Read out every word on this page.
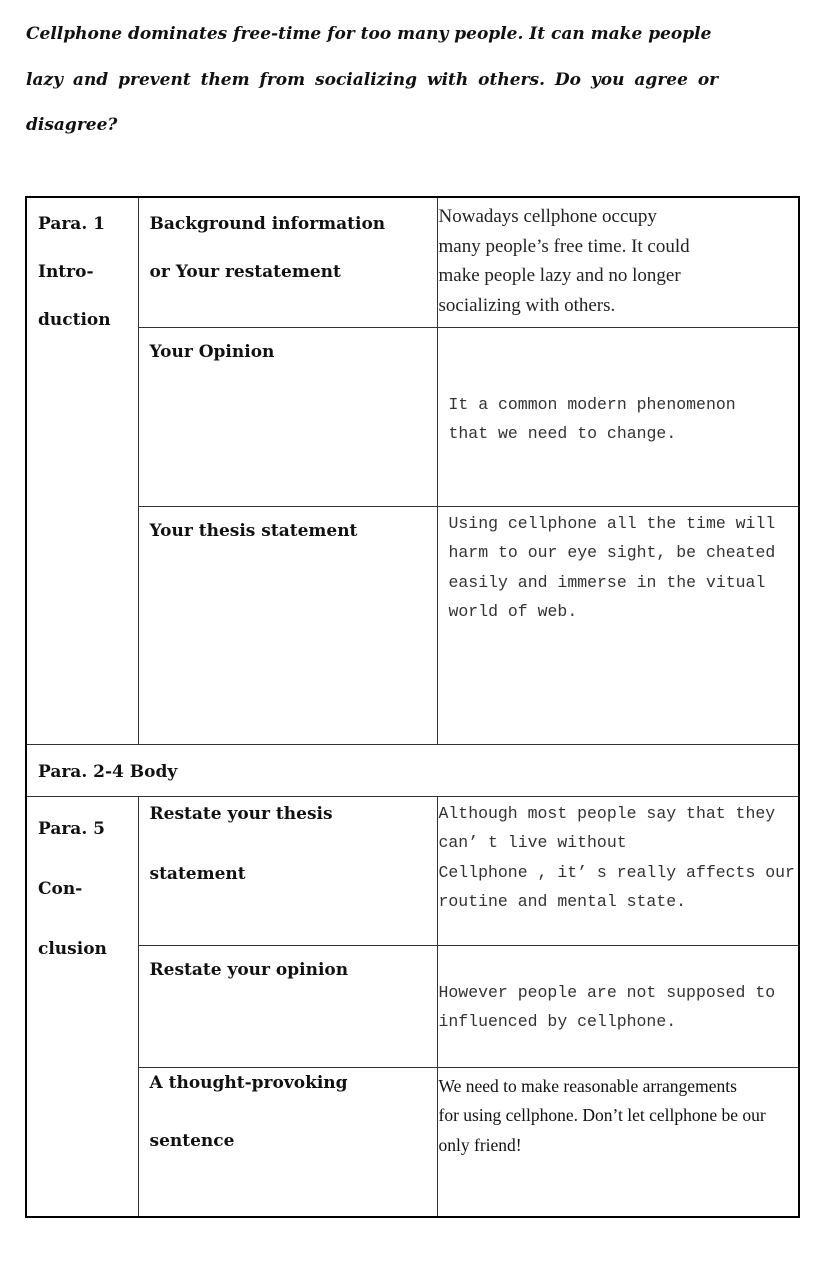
Cellphone dominates free-time for too many people. It can make people
lazy and prevent them from socializing with others. Do you agree or
disagree?
Para. 1
Intro-
duction	Background information
or Your restatement	Nowadays cellphone occupy
many people’s free time. It could
make people lazy and no longer
socializing with others.

	Your Opinion	It a common modern phenomenon
that we need to change.

	Your thesis statement	Using cellphone all the time will
harm to our eye sight, be cheated
easily and immerse in the vitual
world of web.

Para. 2-4 Body		

Para. 5
Con-
clusion	Restate your thesis
statement	Although most people say that they
can’ t live without
Cellphone , it’ s really affects our
routine and mental state.

	Restate your opinion	However people are not supposed to
influenced by cellphone.

	A thought-provoking
sentence	We need to make reasonable arrangements
for using cellphone. Don’t let cellphone be our
only friend!
